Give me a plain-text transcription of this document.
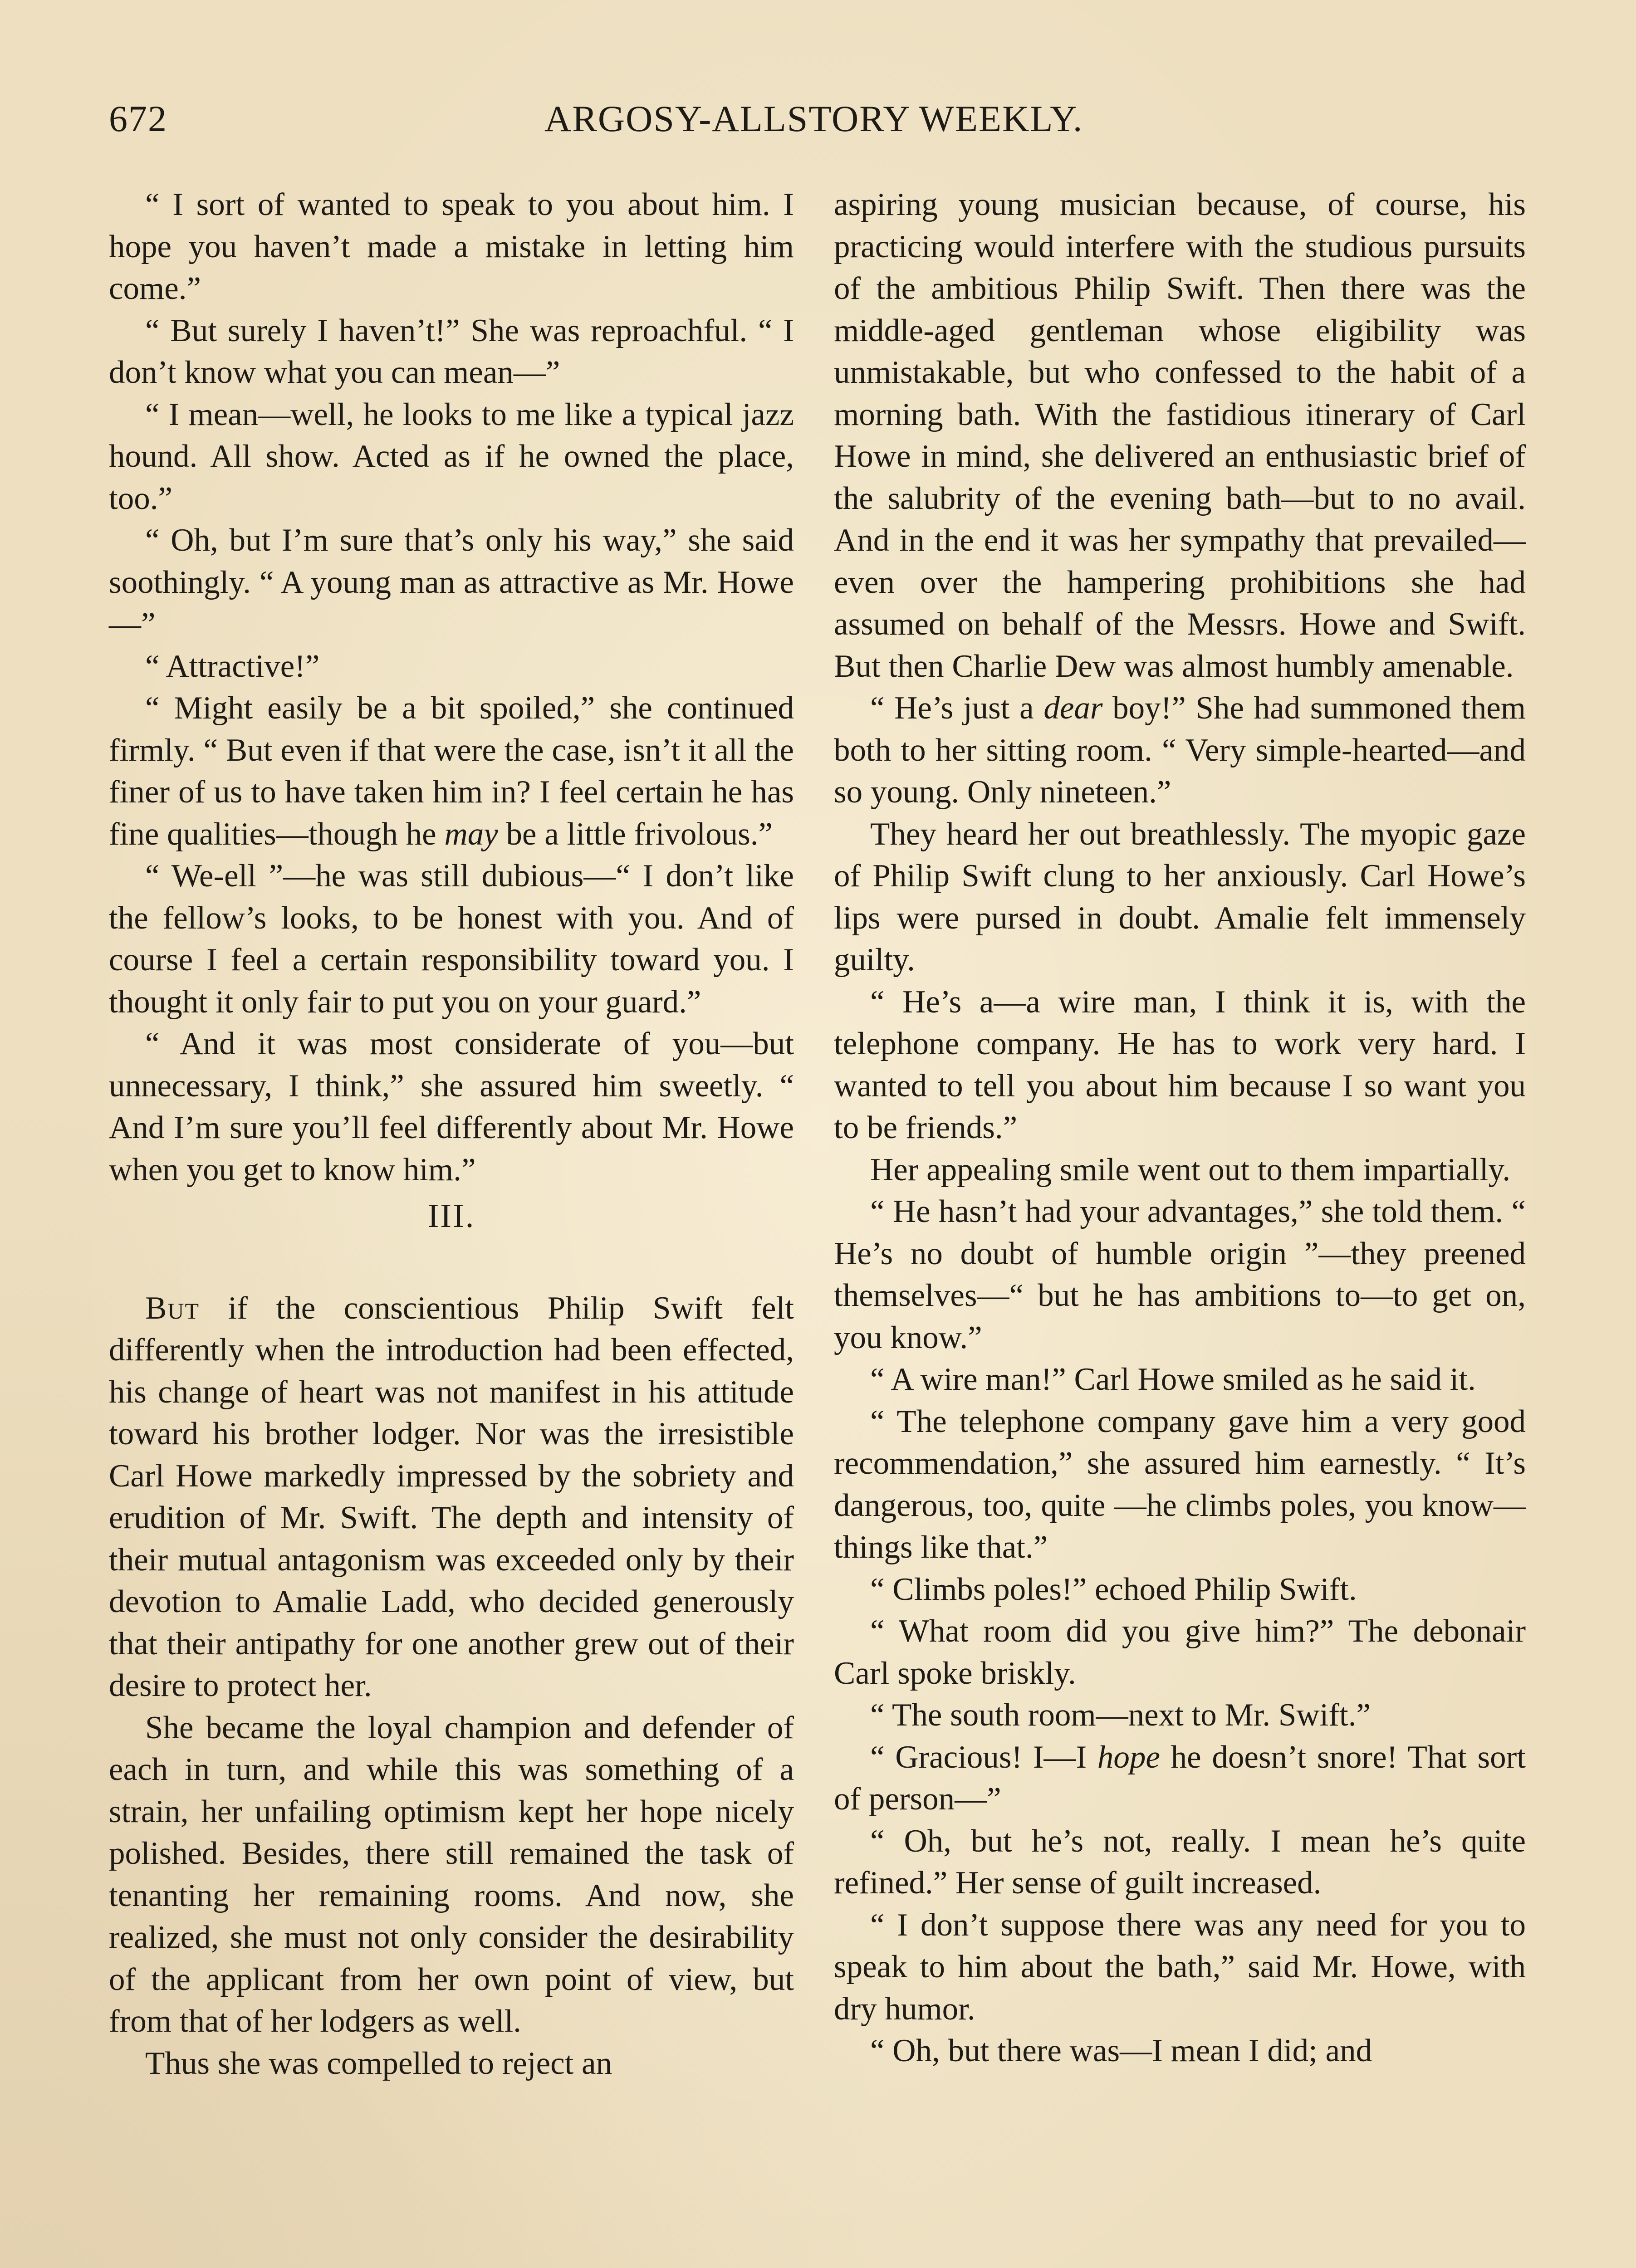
672	ARGOSY-ALLSTORY WEEKLY.

“ I sort of wanted to speak to you about him. I hope you haven’t made a mistake in letting him come.”

“ But surely I haven’t!” She was reproachful. “ I don’t know what you can mean—”

“ I mean—well, he looks to me like a typical jazz hound. All show. Acted as if he owned the place, too.”

“ Oh, but I’m sure that’s only his way,” she said soothingly. “ A young man as attractive as Mr. Howe—”

“ Attractive!”

“ Might easily be a bit spoiled,” she continued firmly. “ But even if that were the case, isn’t it all the finer of us to have taken him in? I feel certain he has fine qualities—though he may be a little frivolous.”

“ We-ell ”—he was still dubious—“ I don’t like the fellow’s looks, to be honest with you. And of course I feel a certain responsibility toward you. I thought it only fair to put you on your guard.”

“ And it was most considerate of you—but unnecessary, I think,” she assured him sweetly. “ And I’m sure you’ll feel differently about Mr. Howe when you get to know him.”

III.

But if the conscientious Philip Swift felt differently when the introduction had been effected, his change of heart was not manifest in his attitude toward his brother lodger. Nor was the irresistible Carl Howe markedly impressed by the sobriety and erudition of Mr. Swift. The depth and intensity of their mutual antagonism was exceeded only by their devotion to Amalie Ladd, who decided generously that their antipathy for one another grew out of their desire to protect her.

She became the loyal champion and defender of each in turn, and while this was something of a strain, her unfailing optimism kept her hope nicely polished. Besides, there still remained the task of tenanting her remaining rooms. And now, she realized, she must not only consider the desirability of the applicant from her own point of view, but from that of her lodgers as well.

Thus she was compelled to reject an

aspiring young musician because, of course, his practicing would interfere with the studious pursuits of the ambitious Philip Swift. Then there was the middle-aged gentleman whose eligibility was unmistakable, but who confessed to the habit of a morning bath. With the fastidious itinerary of Carl Howe in mind, she delivered an enthusiastic brief of the salubrity of the evening bath—but to no avail. And in the end it was her sympathy that prevailed—even over the hampering prohibitions she had assumed on behalf of the Messrs. Howe and Swift. But then Charlie Dew was almost humbly amenable.

“ He’s just a dear boy!” She had summoned them both to her sitting room. “ Very simple-hearted—and so young. Only nineteen.”

They heard her out breathlessly. The myopic gaze of Philip Swift clung to her anxiously. Carl Howe’s lips were pursed in doubt. Amalie felt immensely guilty.

“ He’s a—a wire man, I think it is, with the telephone company. He has to work very hard. I wanted to tell you about him because I so want you to be friends.”

Her appealing smile went out to them impartially.

“ He hasn’t had your advantages,” she told them. “ He’s no doubt of humble origin ”—they preened themselves—“ but he has ambitions to—to get on, you know.”

“ A wire man!” Carl Howe smiled as he said it.

“ The telephone company gave him a very good recommendation,” she assured him earnestly. “ It’s dangerous, too, quite —he climbs poles, you know—things like that.”

“ Climbs poles!” echoed Philip Swift.

“ What room did you give him?” The debonair Carl spoke briskly.

“ The south room—next to Mr. Swift.”

“ Gracious! I—I hope he doesn’t snore! That sort of person—”

“ Oh, but he’s not, really. I mean he’s quite refined.” Her sense of guilt increased.

“ I don’t suppose there was any need for you to speak to him about the bath,” said Mr. Howe, with dry humor.

“ Oh, but there was—I mean I did; and
